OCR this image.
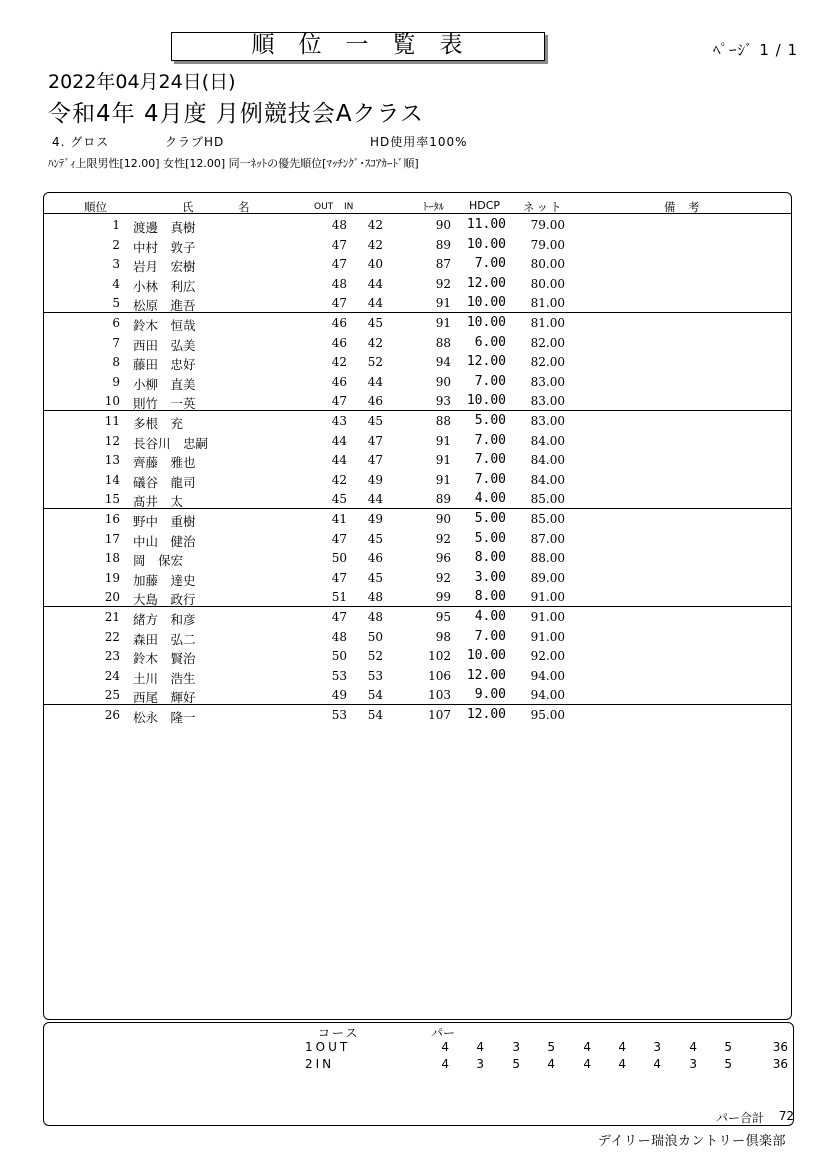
順位一覧表	ﾍﾟｰｼﾞ 1 / 1
2022年04月24日(日)
令和4年 4月度 月例競技会Aクラス
4. グロス	クラブHD	HD使用率100%
ﾊﾝﾃﾞｨ上限男性[12.00] 女性[12.00] 同一ﾈｯﾄの優先順位[ﾏｯﾁﾝｸﾞ･ｽｺｱｶｰﾄﾞ順]
順位	氏	名	OUT IN	ﾄｰﾀﾙ HDCP ネット	備 考
1 渡邊　真樹	48 42	90 11.00 79.00
2 中村　敦子	47 42	89 10.00 79.00
3 岩月　宏樹	47 40	87 7.00 80.00
4 小林　利広	48 44	92 12.00 80.00
5 松原　進吾	47 44	91 10.00 81.00
6 鈴木　恒哉	46 45	91 10.00 81.00
7 西田　弘美	46 42	88 6.00 82.00
8 藤田　忠好	42 52	94 12.00 82.00
9 小柳　直美	46 44	90 7.00 83.00
10 則竹　一英	47 46	93 10.00 83.00
11 多根　充	43 45	88 5.00 83.00
12 長谷川　忠嗣	44 47	91 7.00 84.00
13 齊藤　雅也	44 47	91 7.00 84.00
14 礒谷　龍司	42 49	91 7.00 84.00
15 髙井　太	45 44	89 4.00 85.00
16 野中　重樹	41 49	90 5.00 85.00
17 中山　健治	47 45	92 5.00 87.00
18 岡　保宏	50 46	96 8.00 88.00
19 加藤　達史	47 45	92 3.00 89.00
20 大島　政行	51 48	99 8.00 91.00
21 緒方　和彦	47 48	95 4.00 91.00
22 森田　弘二	48 50	98 7.00 91.00
23 鈴木　賢治	50 52	102 10.00 92.00
24 土川　浩生	53 53	106 12.00 94.00
25 西尾　輝好	49 54	103 9.00 94.00
26 松永　隆一	53 54	107 12.00 95.00
コース	パー
1OUT	4 4 3 5 4 4 3 4 5	36
2IN	4 3 5 4 4 4 4 3 5	36
パー合計 72
デイリー瑞浪カントリー倶楽部
